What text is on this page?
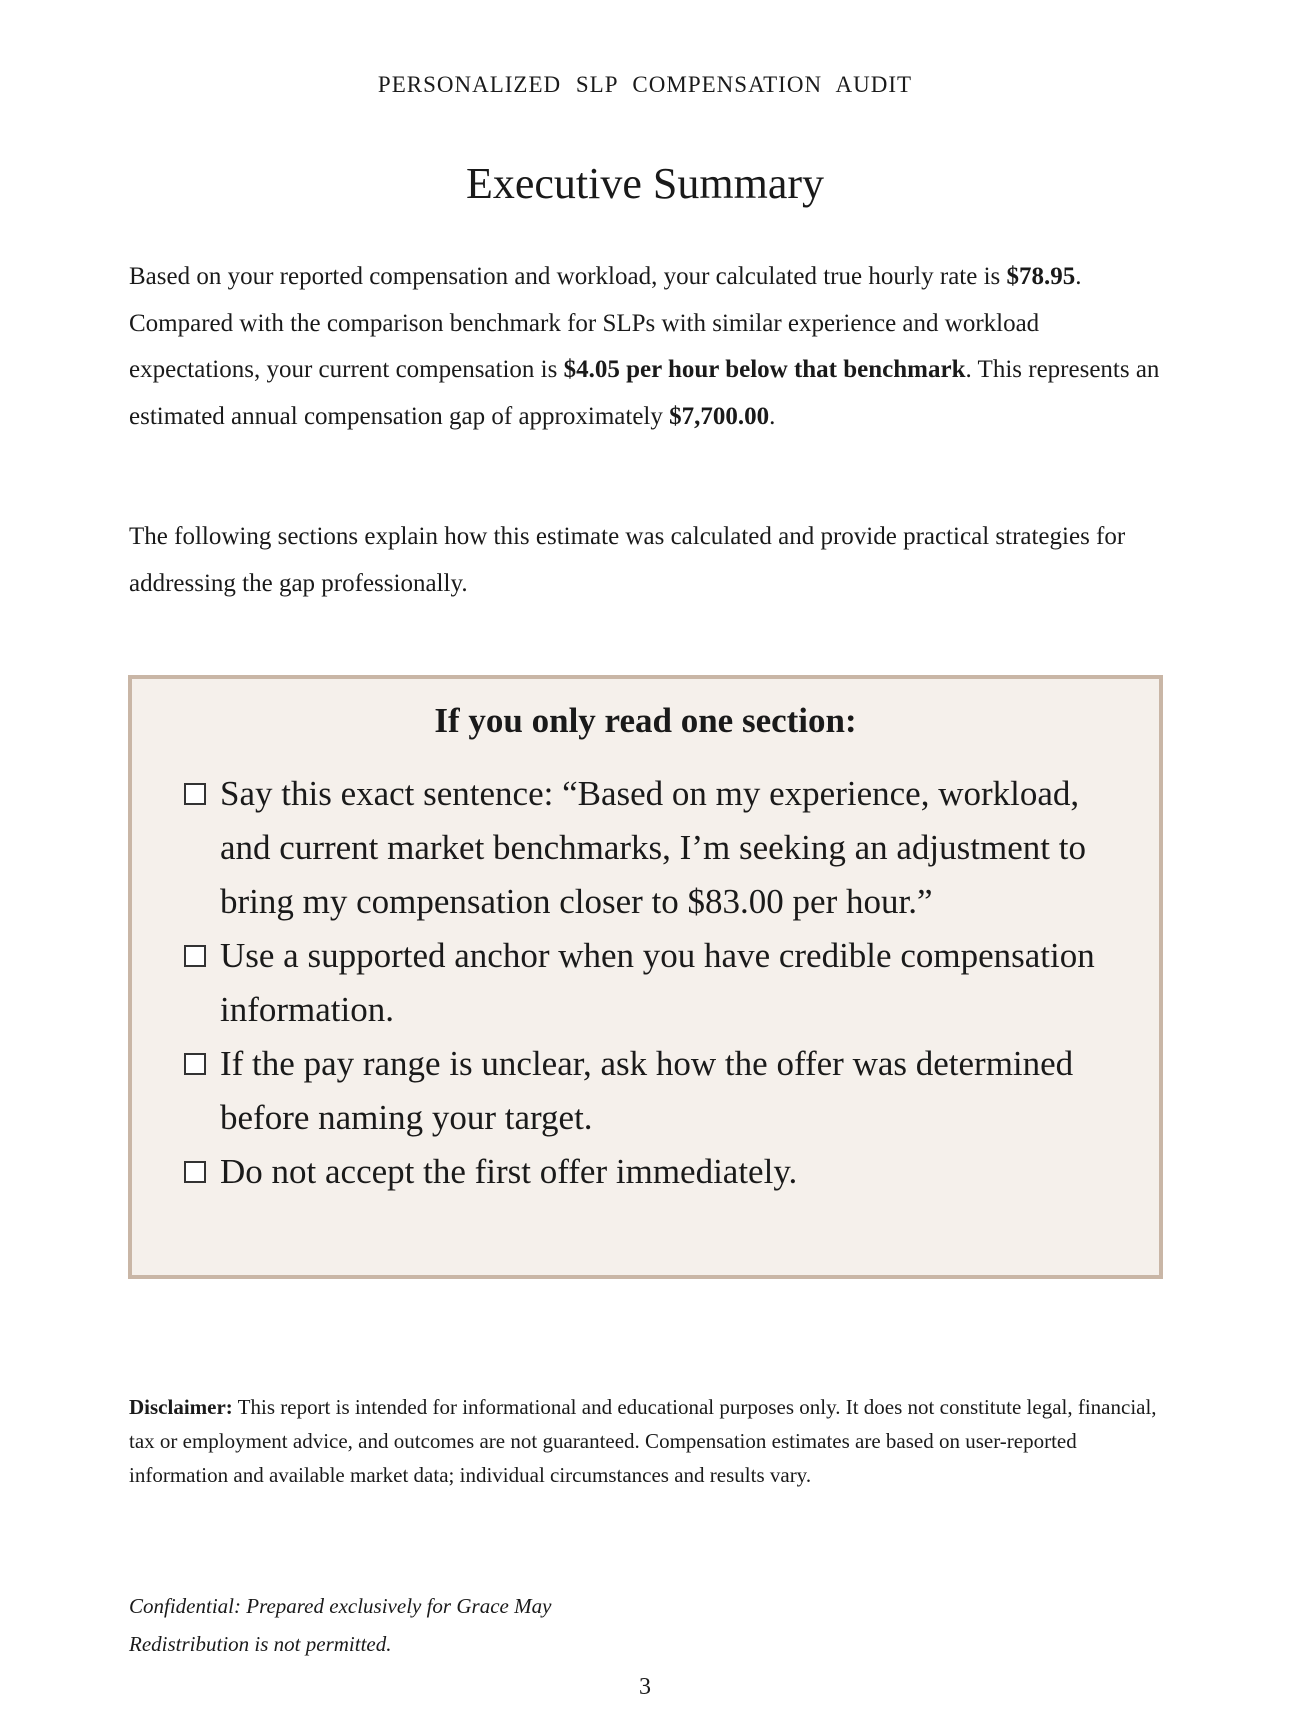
PERSONALIZED SLP COMPENSATION AUDIT
Executive Summary

Based on your reported compensation and workload, your calculated true hourly rate is $78.95. Compared with the comparison benchmark for SLPs with similar experience and workload expectations, your current compensation is $4.05 per hour below that benchmark. This represents an estimated annual compensation gap of approximately $7,700.00.

The following sections explain how this estimate was calculated and provide practical strategies for addressing the gap professionally.

If you only read one section:
Say this exact sentence: “Based on my experience, workload, and current market benchmarks, I’m seeking an adjustment to bring my compensation closer to $83.00 per hour.”
Use a supported anchor when you have credible compensation information.
If the pay range is unclear, ask how the offer was determined before naming your target.
Do not accept the first offer immediately.

Disclaimer: This report is intended for informational and educational purposes only. It does not constitute legal, financial, tax or employment advice, and outcomes are not guaranteed. Compensation estimates are based on user-reported information and available market data; individual circumstances and results vary.

Confidential: Prepared exclusively for Grace May

Redistribution is not permitted.

3
